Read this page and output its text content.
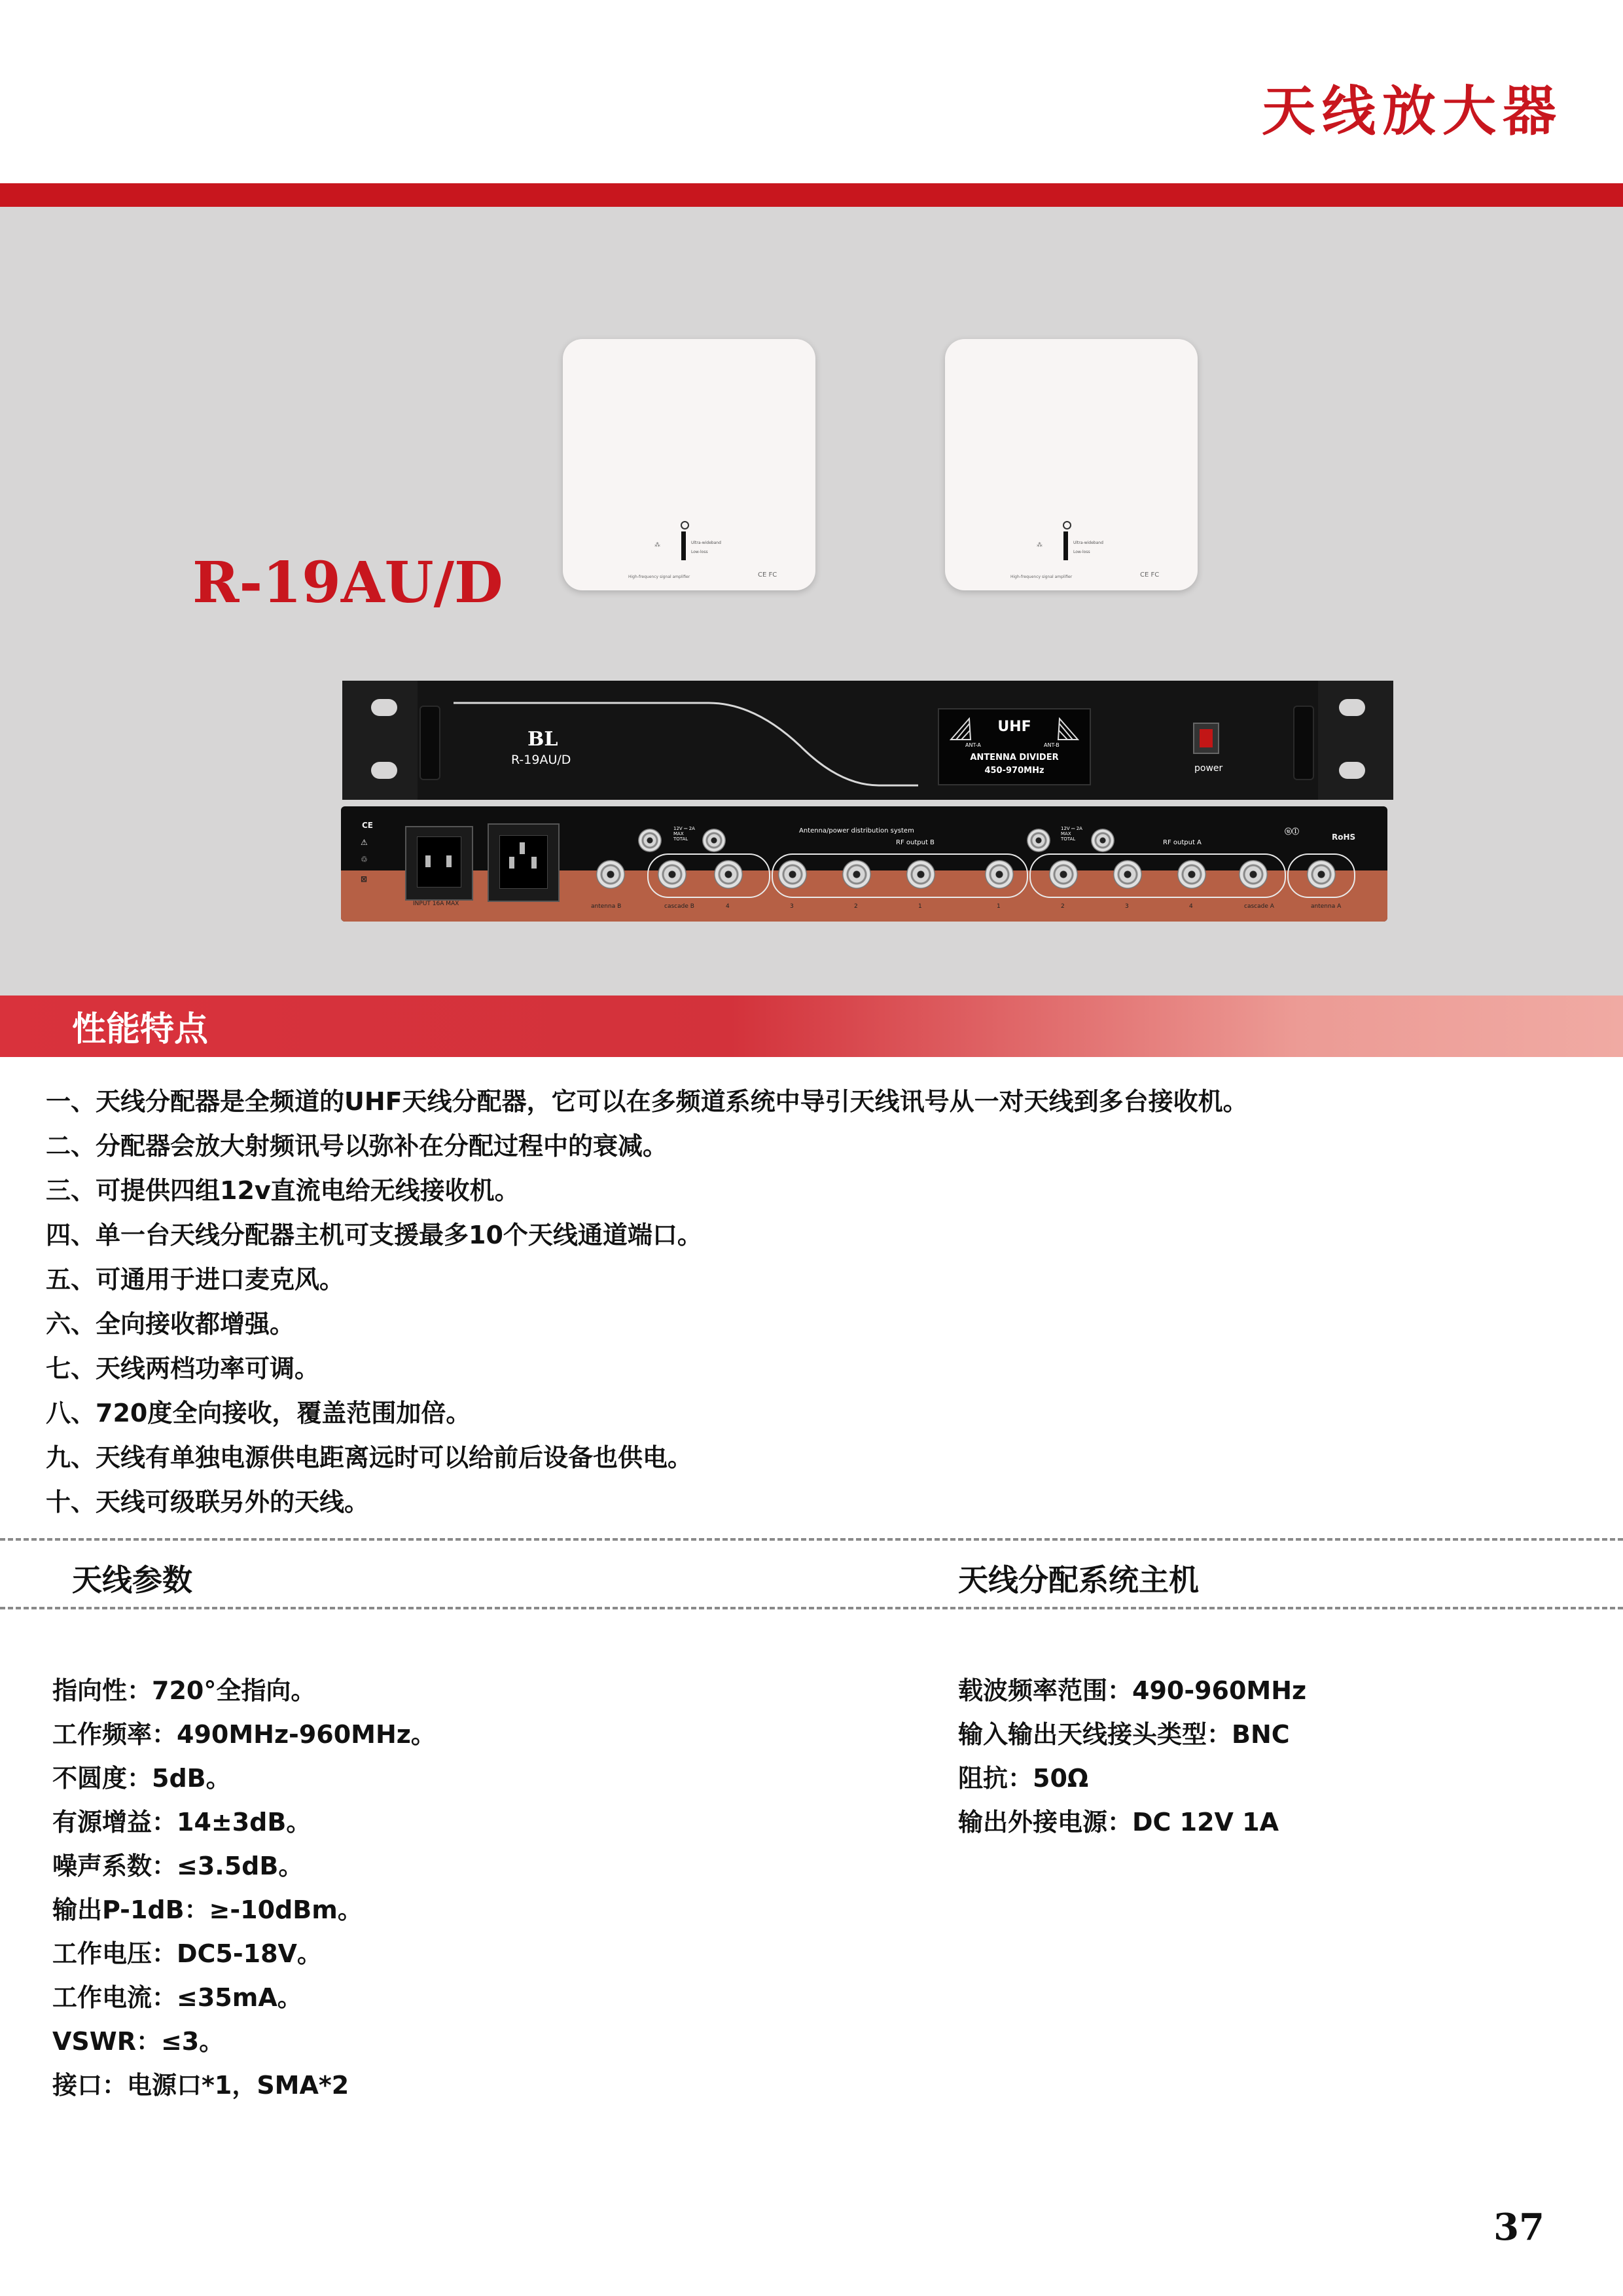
天线放大器
⁂	Ultra-wideband
Low-loss
High-frequency signal amplifier	CE FC
⁂	Ultra-wideband
Low-loss
High-frequency signal amplifier	CE FC
R-19AU/D
BL
R-19AU/D
UHF
ANT-A	ANT-B
ANTENNA DIVIDER
450-970MHz	power
CE
⚠
♲
⊠
INPUT 16A MAX
12V ⎓ 2A
MAX
TOTAL
12V ⎓ 2A
MAX
TOTAL
Antenna/power distribution system
RF output B	RF output A
ⓤⓛ
RoHS
antenna B	cascade B	4	3	2	1	1	2	3	4	cascade A	antenna A
性能特点
一、天线分配器是全频道的UHF天线分配器，它可以在多频道系统中导引天线讯号从一对天线到多台接收机。
二、分配器会放大射频讯号以弥补在分配过程中的衰减。
三、可提供四组12v直流电给无线接收机。
四、单一台天线分配器主机可支援最多10个天线通道端口。
五、可通用于进口麦克风。
六、全向接收都增强。
七、天线两档功率可调。
八、720度全向接收，覆盖范围加倍。
九、天线有单独电源供电距离远时可以给前后设备也供电。
十、天线可级联另外的天线。
天线参数	天线分配系统主机
指向性：720°全指向。
工作频率：490MHz-960MHz。
不圆度：5dB。
有源增益：14±3dB。
噪声系数：≤3.5dB。
输出P-1dB：≥-10dBm。
工作电压：DC5-18V。
工作电流：≤35mA。
VSWR：≤3。
接口：电源口*1，SMA*2
载波频率范围：490-960MHz
输入输出天线接头类型：BNC
阻抗：50Ω
输出外接电源：DC 12V 1A
37
